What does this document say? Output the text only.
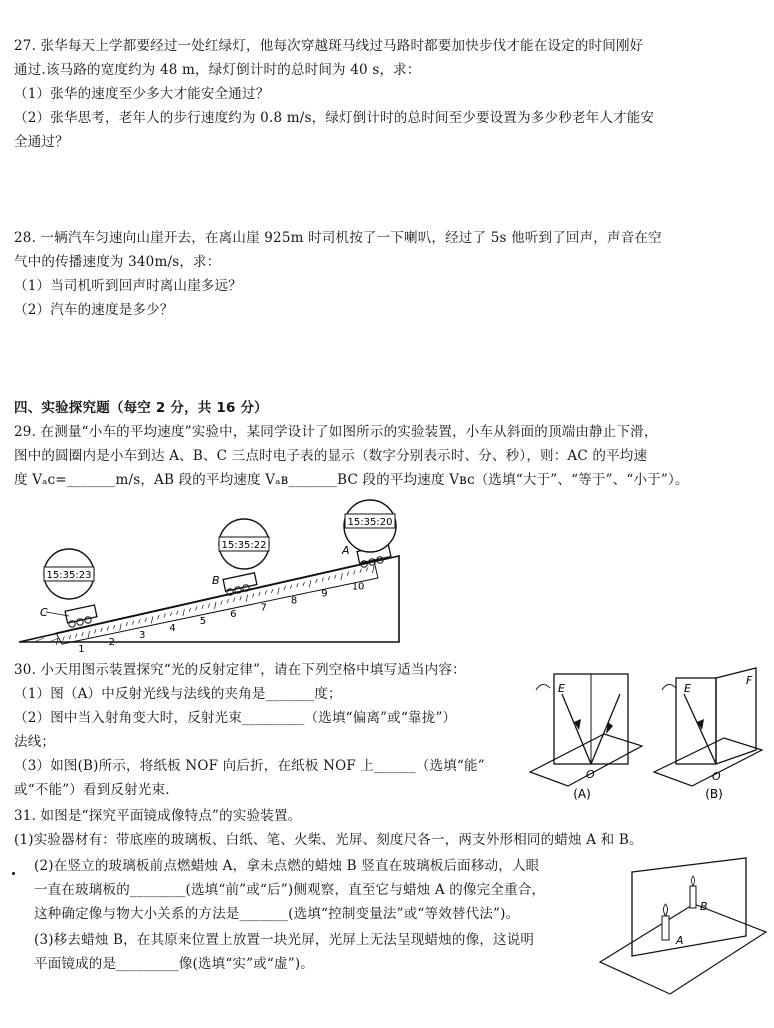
27. 张华每天上学都要经过一处红绿灯，他每次穿越斑马线过马路时都要加快步伐才能在设定的时间刚好
通过.该马路的宽度约为 48 m，绿灯倒计时的总时间为 40 s，求：
（1）张华的速度至少多大才能安全通过？
（2）张华思考，老年人的步行速度约为 0.8 m/s，绿灯倒计时的总时间至少要设置为多少秒老年人才能安
全通过？
28. 一辆汽车匀速向山崖开去，在离山崖 925m 时司机按了一下喇叭，经过了 5s 他听到了回声，声音在空
气中的传播速度为 340m/s，求：
（1）当司机听到回声时离山崖多远？
（2）汽车的速度是多少？
四、实验探究题（每空 2 分，共 16 分）
29. 在测量“小车的平均速度”实验中，某同学设计了如图所示的实验装置，小车从斜面的顶端由静止下滑，
图中的圆圈内是小车到达 A、B、C 三点时电子表的显示（数字分别表示时、分、秒），则：AC 的平均速
度 Vₐᴄ=_______m/s，AB 段的平均速度 Vₐʙ_______BC 段的平均速度 Vʙᴄ（选填“大于”、“等于”、“小于”）。
1
2
3
4
5
6
7
8
9
10
C
15:35:23	B
15:35:22	A
15:35:20
30. 小天用图示装置探究“光的反射定律”，请在下列空格中填写适当内容：
（1）图（A）中反射光线与法线的夹角是_______度；
（2）图中当入射角变大时，反射光束_________（选填“偏离”或“靠拢”）
法线；
（3）如图(B)所示，将纸板 NOF 向后折，在纸板 NOF 上______（选填“能”
或“不能”）看到反射光束.
E
O
(A)
E
F
O
(B)
31. 如图是“探究平面镜成像特点”的实验装置。
(1)实验器材有：带底座的玻璃板、白纸、笔、火柴、光屏、刻度尺各一，两支外形相同的蜡烛 A 和 B。
(2)在竖立的玻璃板前点燃蜡烛 A，拿未点燃的蜡烛 B 竖直在玻璃板后面移动，人眼
一直在玻璃板的________(选填“前”或“后”)侧观察，直至它与蜡烛 A 的像完全重合，
这种确定像与物大小关系的方法是_______(选填“控制变量法”或“等效替代法”)。
(3)移去蜡烛 B，在其原来位置上放置一块光屏，光屏上无法呈现蜡烛的像，这说明
平面镜成的是_________像(选填“实”或“虚”)。
B
A
